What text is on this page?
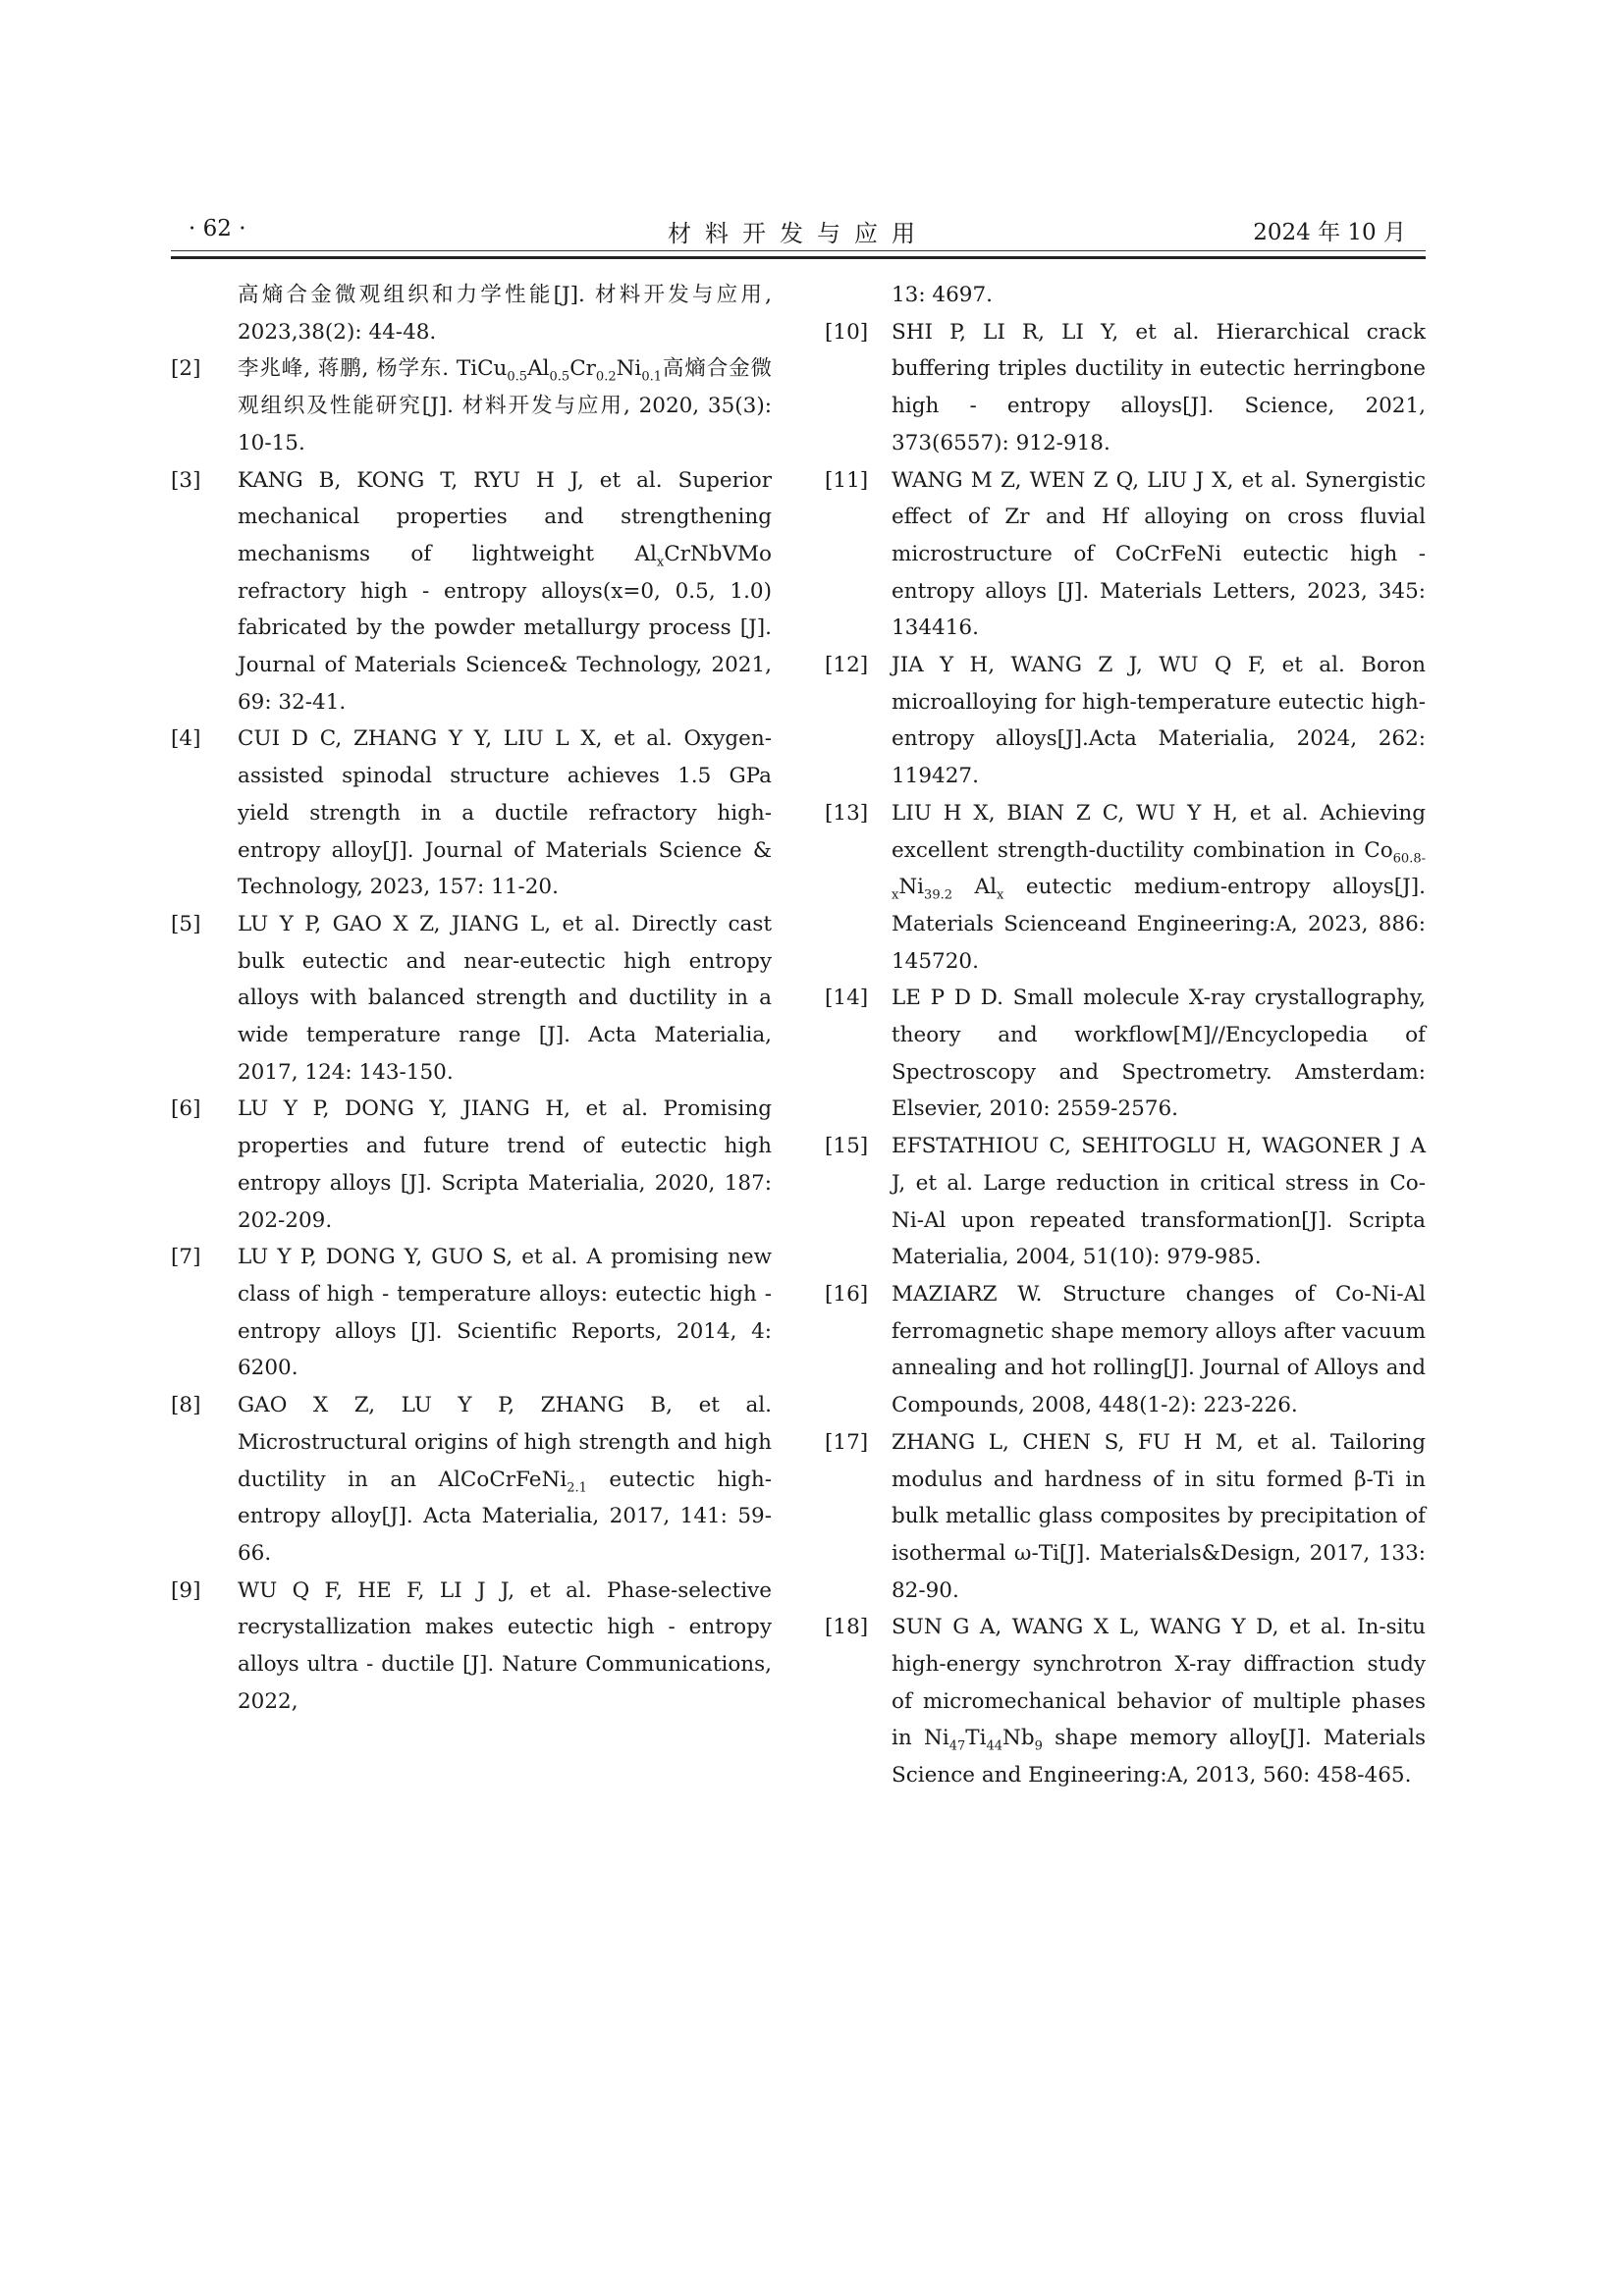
· 62 ·	材料开发与应用	2024 年 10 月
高熵合金微观组织和力学性能[J]. 材料开发与应用, 2023,38(2): 44-48.
[2]	李兆峰, 蒋鹏, 杨学东. $TiCu_{0.5}Al_{0.5}Cr_{0.2}Ni_{0.1}$高熵合金微观组织及性能研究[J]. 材料开发与应用, 2020, 35(3): 10-15.
[3]	KANG B, KONG T, RYU H J, et al. Superior mechanical properties and strengthening mechanisms of lightweight $Al_xCrNbVMo$ refractory high - entropy alloys(x=0, 0.5, 1.0) fabricated by the powder metallurgy process [J]. Journal of Materials Science& Technology, 2021, 69: 32-41.
[4]	CUI D C, ZHANG Y Y, LIU L X, et al. Oxygen-assisted spinodal structure achieves 1.5 GPa yield strength in a ductile refractory high-entropy alloy[J]. Journal of Materials Science & Technology, 2023, 157: 11-20.
[5]	LU Y P, GAO X Z, JIANG L, et al. Directly cast bulk eutectic and near-eutectic high entropy alloys with balanced strength and ductility in a wide temperature range [J]. Acta Materialia, 2017, 124: 143-150.
[6]	LU Y P, DONG Y, JIANG H, et al. Promising properties and future trend of eutectic high entropy alloys [J]. Scripta Materialia, 2020, 187: 202-209.
[7]	LU Y P, DONG Y, GUO S, et al. A promising new class of high - temperature alloys: eutectic high - entropy alloys [J]. Scientific Reports, 2014, 4: 6200.
[8]	GAO X Z, LU Y P, ZHANG B, et al. Microstructural origins of high strength and high ductility in an AlCoCrFeNi$_{2.1}$ eutectic high-entropy alloy[J]. Acta Materialia, 2017, 141: 59-66.
[9]	WU Q F, HE F, LI J J, et al. Phase-selective recrystallization makes eutectic high - entropy alloys ultra - ductile [J]. Nature Communications, 2022,
13: 4697.
[10]	SHI P, LI R, LI Y, et al. Hierarchical crack buffering triples ductility in eutectic herringbone high - entropy alloys[J]. Science, 2021, 373(6557): 912-918.
[11]	WANG M Z, WEN Z Q, LIU J X, et al. Synergistic effect of Zr and Hf alloying on cross fluvial microstructure of CoCrFeNi eutectic high - entropy alloys [J]. Materials Letters, 2023, 345: 134416.
[12]	JIA Y H, WANG Z J, WU Q F, et al. Boron microalloying for high-temperature eutectic high-entropy alloys[J].Acta Materialia, 2024, 262: 119427.
[13]	LIU H X, BIAN Z C, WU Y H, et al. Achieving excellent strength-ductility combination in $Co_{60.8-x}Ni_{39.2}$ $Al_x$ eutectic medium-entropy alloys[J]. Materials Scienceand Engineering:A, 2023, 886: 145720.
[14]	LE P D D. Small molecule X-ray crystallography, theory and workflow[M]//Encyclopedia of Spectroscopy and Spectrometry. Amsterdam: Elsevier, 2010: 2559-2576.
[15]	EFSTATHIOU C, SEHITOGLU H, WAGONER J A J, et al. Large reduction in critical stress in Co-Ni-Al upon repeated transformation[J]. Scripta Materialia, 2004, 51(10): 979-985.
[16]	MAZIARZ W. Structure changes of Co-Ni-Al ferromagnetic shape memory alloys after vacuum annealing and hot rolling[J]. Journal of Alloys and Compounds, 2008, 448(1-2): 223-226.
[17]	ZHANG L, CHEN S, FU H M, et al. Tailoring modulus and hardness of in situ formed β-Ti in bulk metallic glass composites by precipitation of isothermal ω-Ti[J]. Materials&Design, 2017, 133: 82-90.
[18]	SUN G A, WANG X L, WANG Y D, et al. In-situ high-energy synchrotron X-ray diffraction study of micromechanical behavior of multiple phases in $Ni_{47}Ti_{44}Nb_9$ shape memory alloy[J]. Materials Science and Engineering:A, 2013, 560: 458-465.
